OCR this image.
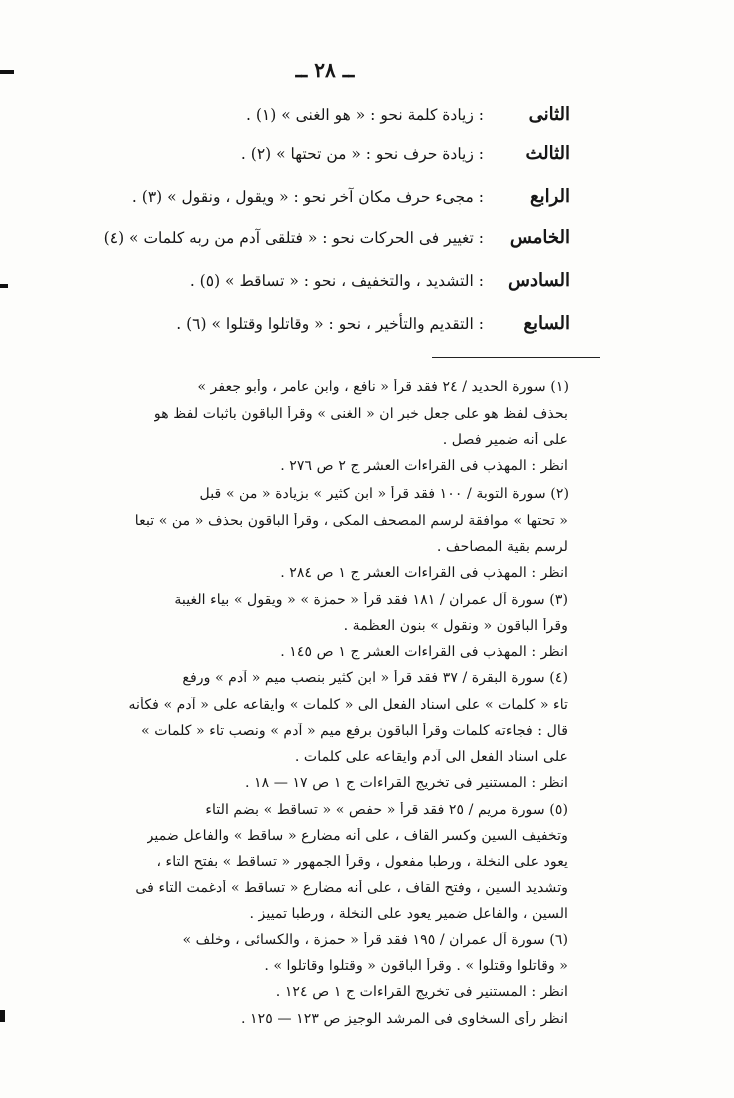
ــ ٢٨ ــ
الثانى: زيادة كلمة نحو : « هو الغنى » (١) .
الثالث: زيادة حرف نحو : « من تحتها » (٢) .
الرابع: مجىء حرف مكان آخر نحو : « ويقول ، ونقول » (٣) .
الخامس: تغيير فى الحركات نحو : « فتلقى آدم من ربه كلمات » (٤)
السادس: التشديد ، والتخفيف ، نحو : « تساقط » (٥) .
السابع: التقديم والتأخير ، نحو : « وقاتلوا وقتلوا » (٦) .
(١) سورة الحديد / ٢٤ فقد قرأ « نافع ، وابن عامر ، وأبو جعفر »
بحذف لفظ هو على جعل خبر ان « الغنى » وقرأ الباقون باثبات لفظ هو
على أنه ضمير فصل .
انظر : المهذب فى القراءات العشر ج ٢ ص ٢٧٦ .
(٢) سورة التوبة / ١٠٠ فقد قرأ « ابن كثير » بزيادة « من » قبل
« تحتها » موافقة لرسم المصحف المكى ، وقرأ الباقون بحذف « من » تبعا
لرسم بقية المصاحف .
انظر : المهذب فى القراءات العشر ج ١ ص ٢٨٤ .
(٣) سورة آل عمران / ١٨١ فقد قرأ « حمزة » « ويقول » بياء الغيبة
وقرأ الباقون « ونقول » بنون العظمة .
انظر : المهذب فى القراءات العشر ج ١ ص ١٤٥ .
(٤) سورة البقرة / ٣٧ فقد قرأ « ابن كثير بنصب ميم « آدم » ورفع
تاء « كلمات » على اسناد الفعل الى « كلمات » وايقاعه على « آدم » فكأنه
قال : فجاءته كلمات وقرأ الباقون برفع ميم « آدم » ونصب تاء « كلمات »
على اسناد الفعل الى آدم وايقاعه على كلمات .
انظر : المستنير فى تخريج القراءات ج ١ ص ١٧ — ١٨ .
(٥) سورة مريم / ٢٥ فقد قرأ « حفص » « تساقط » بضم التاء
وتخفيف السين وكسر القاف ، على أنه مضارع « ساقط » والفاعل ضمير
يعود على النخلة ، ورطبا مفعول ، وقرأ الجمهور « تساقط » بفتح التاء ،
وتشديد السين ، وفتح القاف ، على أنه مضارع « تساقط » أدغمت التاء فى
السين ، والفاعل ضمير يعود على النخلة ، ورطبا تمييز .
(٦) سورة آل عمران / ١٩٥ فقد قرأ « حمزة ، والكسائى ، وخلف »
« وقاتلوا وقتلوا » . وقرأ الباقون « وقتلوا وقاتلوا » .
انظر : المستنير فى تخريج القراءات ج ١ ص ١٢٤ .
انظر رأى السخاوى فى المرشد الوجيز ص ١٢٣ — ١٢٥ .
